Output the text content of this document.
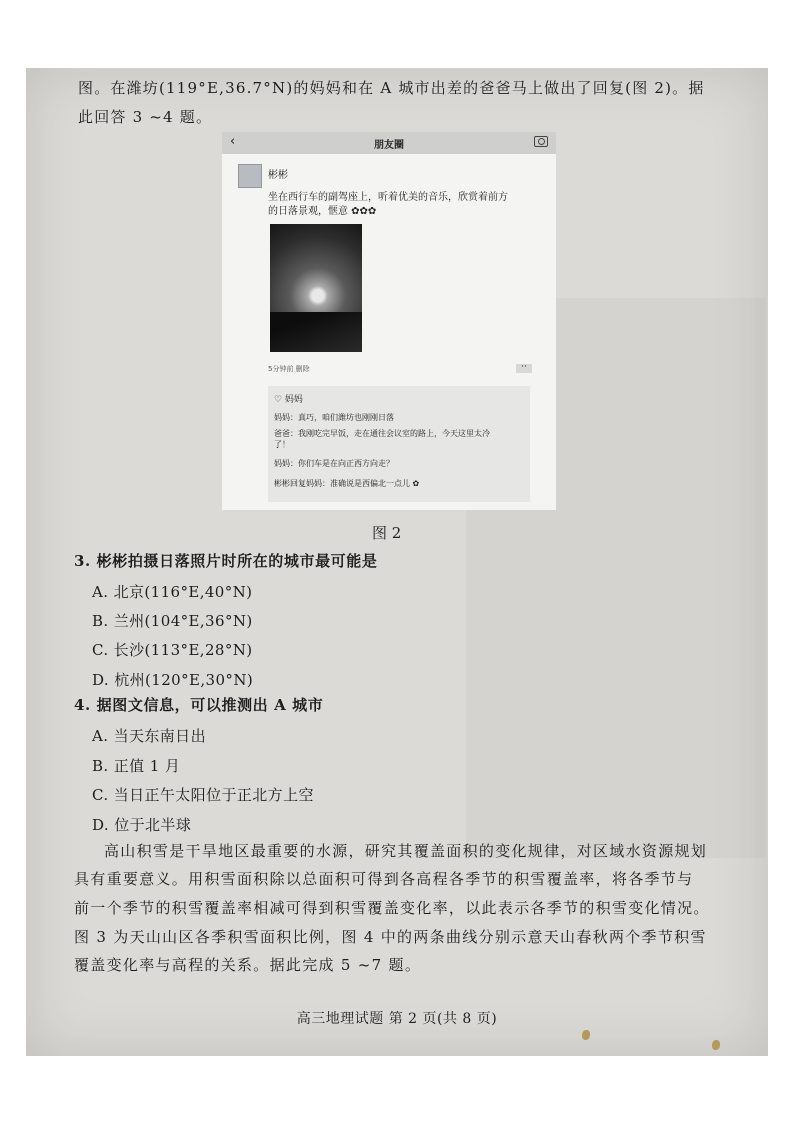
图。在潍坊(119°E,36.7°N)的妈妈和在 A 城市出差的爸爸马上做出了回复(图 2)。据
此回答 3 ~4 题。
‹	朋友圈
彬彬
坐在西行车的副驾座上，听着优美的音乐，欣赏着前方
的日落景观，惬意 ✿✿✿
5分钟前 删除	··
♡ 妈妈
妈妈：真巧，咱们潍坊也刚刚日落
爸爸：我刚吃完早饭，走在通往会议室的路上，今天这里太冷
了！
妈妈：你们车是在向正西方向走？
彬彬回复妈妈：准确说是西偏北一点儿 ✿
图 2
3. 彬彬拍摄日落照片时所在的城市最可能是
A. 北京(116°E,40°N)
B. 兰州(104°E,36°N)
C. 长沙(113°E,28°N)
D. 杭州(120°E,30°N)
4. 据图文信息，可以推测出 A 城市
A. 当天东南日出
B. 正值 1 月
C. 当日正午太阳位于正北方上空
D. 位于北半球
高山积雪是干旱地区最重要的水源，研究其覆盖面积的变化规律，对区域水资源规划
具有重要意义。用积雪面积除以总面积可得到各高程各季节的积雪覆盖率，将各季节与
前一个季节的积雪覆盖率相减可得到积雪覆盖变化率，以此表示各季节的积雪变化情况。
图 3 为天山山区各季积雪面积比例，图 4 中的两条曲线分别示意天山春秋两个季节积雪
覆盖变化率与高程的关系。据此完成 5 ~7 题。
高三地理试题 第 2 页(共 8 页)
